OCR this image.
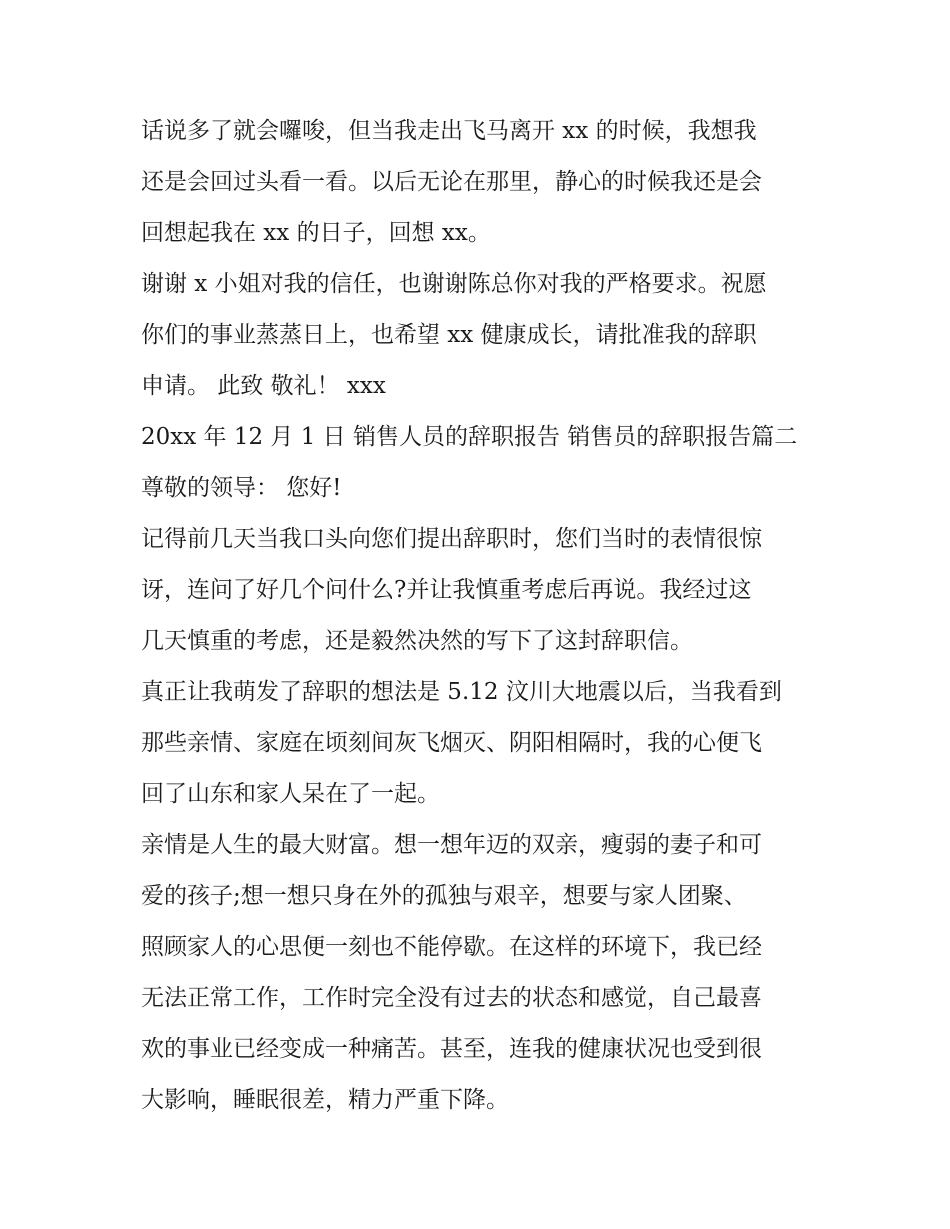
话说多了就会囉唆，但当我走出飞马离开 xx 的时候，我想我
还是会回过头看一看。以后无论在那里，静心的时候我还是会
回想起我在 xx 的日子，回想 xx。
谢谢 x 小姐对我的信任，也谢谢陈总你对我的严格要求。祝愿
你们的事业蒸蒸日上，也希望 xx 健康成长，请批准我的辞职
申请。 此致 敬礼！ xxx
20xx 年 12 月 1 日 销售人员的辞职报告 销售员的辞职报告篇二
尊敬的领导： 您好!
记得前几天当我口头向您们提出辞职时，您们当时的表情很惊
讶，连问了好几个问什么?并让我慎重考虑后再说。我经过这
几天慎重的考虑，还是毅然决然的写下了这封辞职信。
真正让我萌发了辞职的想法是 5.12 汶川大地震以后，当我看到
那些亲情、家庭在顷刻间灰飞烟灭、阴阳相隔时，我的心便飞
回了山东和家人呆在了一起。
亲情是人生的最大财富。想一想年迈的双亲，瘦弱的妻子和可
爱的孩子;想一想只身在外的孤独与艰辛，想要与家人团聚、
照顾家人的心思便一刻也不能停歇。在这样的环境下，我已经
无法正常工作，工作时完全没有过去的状态和感觉，自己最喜
欢的事业已经变成一种痛苦。甚至，连我的健康状况也受到很
大影响，睡眠很差，精力严重下降。
